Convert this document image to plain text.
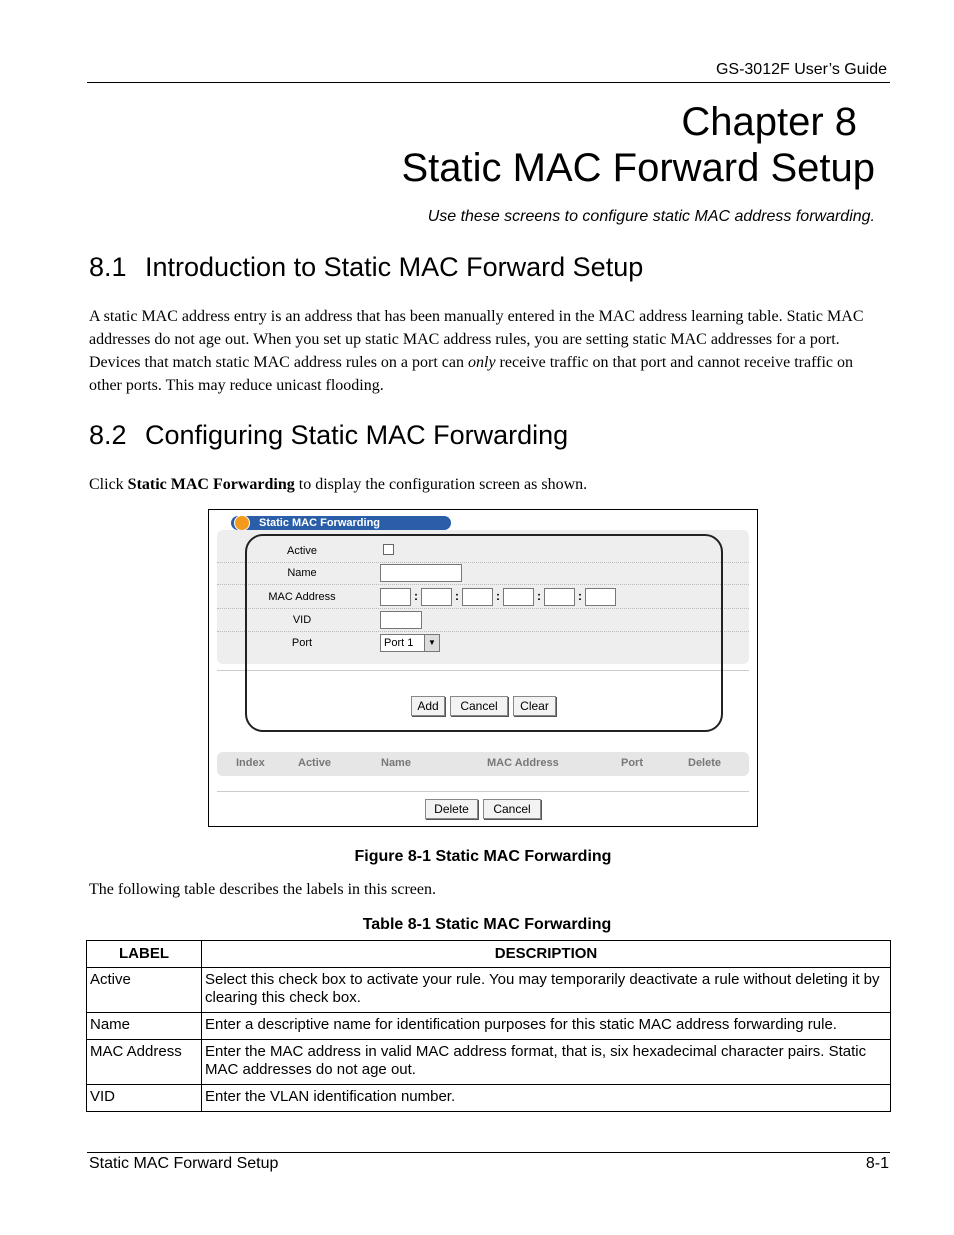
GS-3012F User’s Guide
Chapter 8
Static MAC Forward Setup
Use these screens to configure static MAC address forwarding.
8.1 Introduction to Static MAC Forward Setup
A static MAC address entry is an address that has been manually entered in the MAC address learning table. Static MAC addresses do not age out. When you set up static MAC address rules, you are setting static MAC addresses for a port. Devices that match static MAC address rules on a port can only receive traffic on that port and cannot receive traffic on other ports. This may reduce unicast flooding.
8.2 Configuring Static MAC Forwarding
Click Static MAC Forwarding to display the configuration screen as shown.
Static MAC Forwarding
Active
Name
MAC Address	:	:	:	:	:
VID
Port	Port 1	▼
Add	Cancel	Clear
Index	Active	Name	MAC Address	Port	Delete
Delete	Cancel
Figure 8-1 Static MAC Forwarding
The following table describes the labels in this screen.
Table 8-1 Static MAC Forwarding
LABEL	DESCRIPTION
Active	Select this check box to activate your rule. You may temporarily deactivate a rule without deleting it by clearing this check box.
Name	Enter a descriptive name for identification purposes for this static MAC address forwarding rule.
MAC Address	Enter the MAC address in valid MAC address format, that is, six hexadecimal character pairs. Static MAC addresses do not age out.
VID	Enter the VLAN identification number.
Static MAC Forward Setup	8-1
